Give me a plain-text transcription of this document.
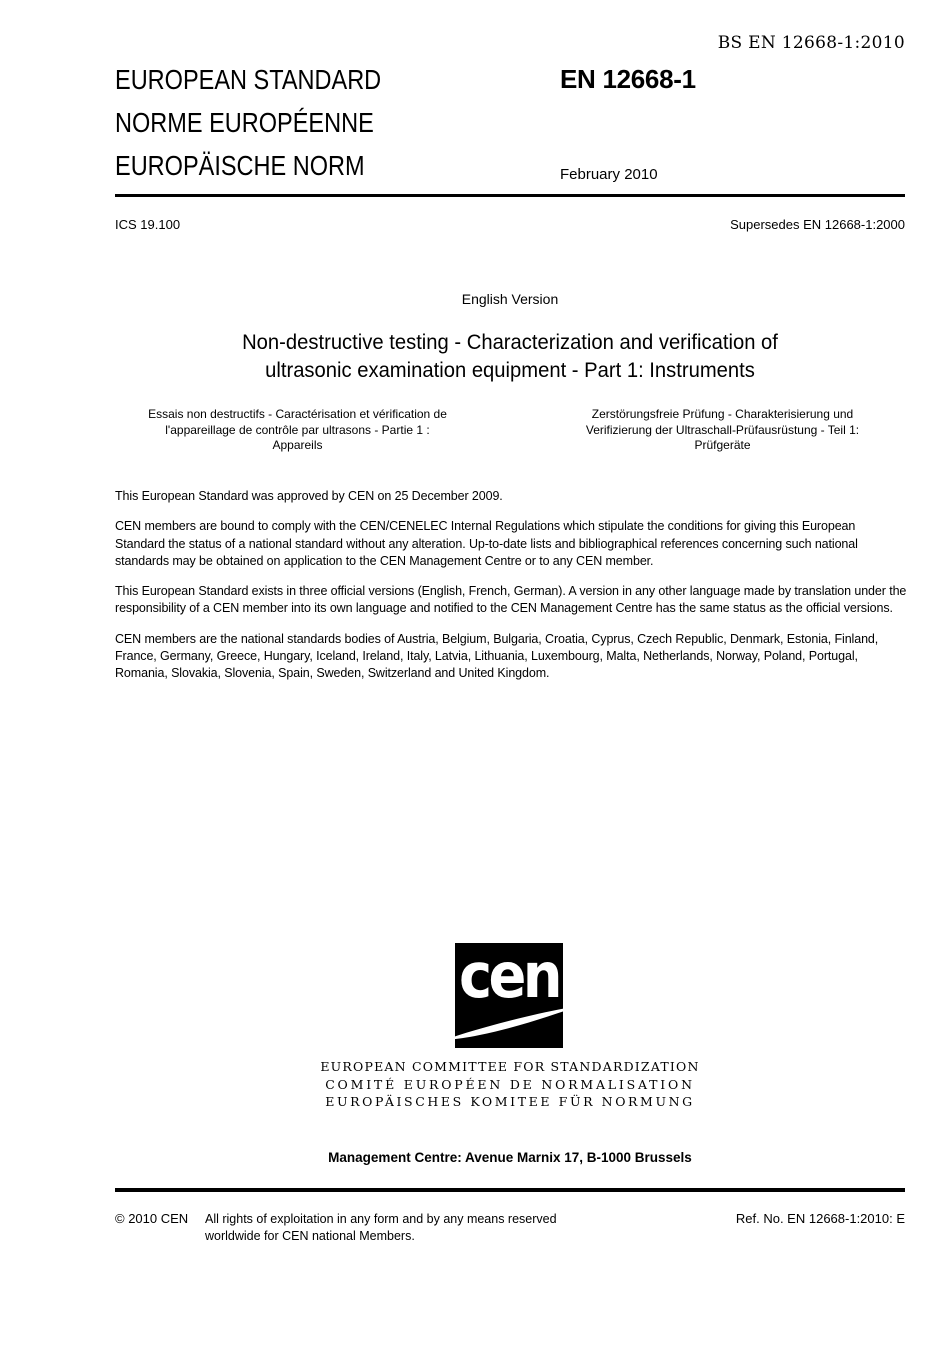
BS EN 12668-1:2010
EUROPEAN STANDARD
NORME EUROPÉENNE
EUROPÄISCHE NORM
EN 12668-1
February 2010
ICS 19.100	Supersedes EN 12668-1:2000
English Version
Non-destructive testing - Characterization and verification of
ultrasonic examination equipment - Part 1: Instruments
Essais non destructifs - Caractérisation et vérification de
l'appareillage de contrôle par ultrasons - Partie 1 :
Appareils
Zerstörungsfreie Prüfung - Charakterisierung und
Verifizierung der Ultraschall-Prüfausrüstung - Teil 1:
Prüfgeräte

This European Standard was approved by CEN on 25 December 2009.

CEN members are bound to comply with the CEN/CENELEC Internal Regulations which stipulate the conditions for giving this European Standard the status of a national standard without any alteration. Up-to-date lists and bibliographical references concerning such national standards may be obtained on application to the CEN Management Centre or to any CEN member.

This European Standard exists in three official versions (English, French, German). A version in any other language made by translation under the responsibility of a CEN member into its own language and notified to the CEN Management Centre has the same status as the official versions.

CEN members are the national standards bodies of Austria, Belgium, Bulgaria, Croatia, Cyprus, Czech Republic, Denmark, Estonia, Finland, France, Germany, Greece, Hungary, Iceland, Ireland, Italy, Latvia, Lithuania, Luxembourg, Malta, Netherlands, Norway, Poland, Portugal, Romania, Slovakia, Slovenia, Spain, Sweden, Switzerland and United Kingdom.

cen
EUROPEAN COMMITTEE FOR STANDARDIZATION
COMITÉ EUROPÉEN DE NORMALISATION
EUROPÄISCHES KOMITEE FÜR NORMUNG
Management Centre: Avenue Marnix 17, B-1000 Brussels
© 2010 CEN All rights of exploitation in any form and by any means reserved
worldwide for CEN national Members.
Ref. No. EN 12668-1:2010: E
